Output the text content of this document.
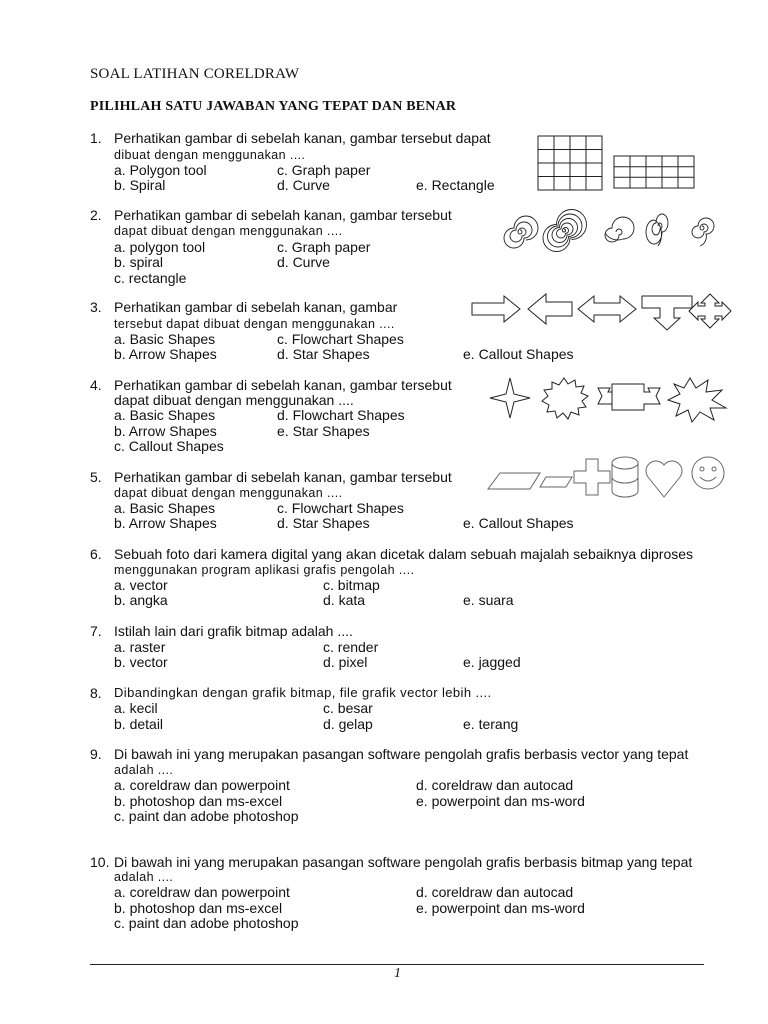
SOAL LATIHAN CORELDRAW
PILIHLAH SATU JAWABAN YANG TEPAT DAN BENAR
1. Perhatikan gambar di sebelah kanan, gambar tersebut dapat
dibuat dengan menggunakan ....
a. Polygon tool	c. Graph paper
b. Spiral	d. Curve	e. Rectangle
2. Perhatikan gambar di sebelah kanan, gambar tersebut
dapat dibuat dengan menggunakan ....
a. polygon tool	c. Graph paper
b. spiral	d. Curve
c. rectangle
3. Perhatikan gambar di sebelah kanan, gambar
tersebut dapat dibuat dengan menggunakan ....
a. Basic Shapes	c. Flowchart Shapes
b. Arrow Shapes	d. Star Shapes	e. Callout Shapes
4. Perhatikan gambar di sebelah kanan, gambar tersebut
dapat dibuat dengan menggunakan ....
a. Basic Shapes	d. Flowchart Shapes
b. Arrow Shapes	e. Star Shapes
c. Callout Shapes
5. Perhatikan gambar di sebelah kanan, gambar tersebut
dapat dibuat dengan menggunakan ....
a. Basic Shapes	c. Flowchart Shapes
b. Arrow Shapes	d. Star Shapes	e. Callout Shapes
6. Sebuah foto dari kamera digital yang akan dicetak dalam sebuah majalah sebaiknya diproses
menggunakan program aplikasi grafis pengolah ....
a. vector	c. bitmap
b. angka	d. kata	e. suara
7. Istilah lain dari grafik bitmap adalah ....
a. raster	c. render
b. vector	d. pixel	e. jagged
8. Dibandingkan dengan grafik bitmap, file grafik vector lebih ....
a. kecil	c. besar
b. detail	d. gelap	e. terang
9. Di bawah ini yang merupakan pasangan software pengolah grafis berbasis vector yang tepat
adalah ....
a. coreldraw dan powerpoint	d. coreldraw dan autocad
b. photoshop dan ms-excel	e. powerpoint dan ms-word
c. paint dan adobe photoshop
10. Di bawah ini yang merupakan pasangan software pengolah grafis berbasis bitmap yang tepat
adalah ....
a. coreldraw dan powerpoint	d. coreldraw dan autocad
b. photoshop dan ms-excel	e. powerpoint dan ms-word
c. paint dan adobe photoshop
1
